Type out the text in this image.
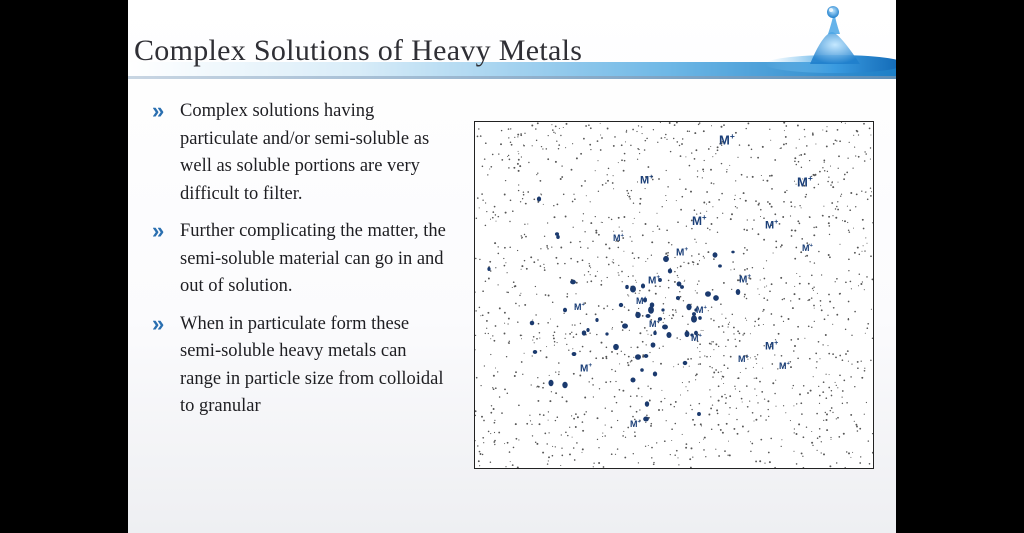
Complex Solutions of Heavy Metals
» Complex solutions having particulate and/or semi-soluble as well as soluble portions are very difficult to filter.
» Further complicating the matter, the semi-soluble material can go in and out of solution.
» When in particulate form these semi-soluble heavy metals can range in particle size from colloidal to granular
M+
M+	M+
M+
M+
M+
M+	M+
M+
M+
M+	M+
M+
M+
M+
M+
M+
M+
M+
M+
